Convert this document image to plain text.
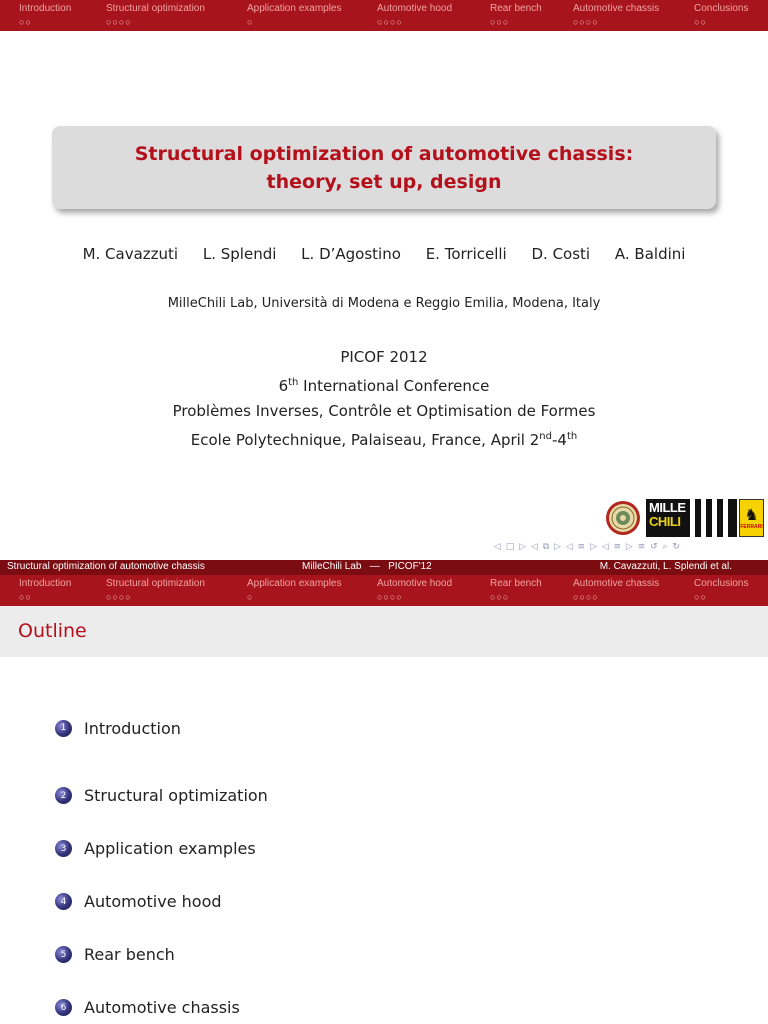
Introduction
○○
Structural optimization
○○○○
Application examples
○
Automotive hood
○○○○
Rear bench
○○○
Automotive chassis
○○○○
Conclusions
○○
Structural optimization of automotive chassis:
theory, set up, design
M. Cavazzuti L. Splendi L. D’Agostino E. Torricelli D. Costi A. Baldini
MilleChili Lab, Università di Modena e Reggio Emilia, Modena, Italy
PICOF 2012
6th International Conference
Problèmes Inverses, Contrôle et Optimisation de Formes
Ecole Polytechnique, Palaiseau, France, April 2nd-4th
MILLE
CHILI	♞
FERRARI
◁ □ ▷ ◁ ⧉ ▷ ◁ ≡ ▷ ◁ ≡ ▷ ≡ ↺ ⌕ ↻
Structural optimization of automotive chassis	MilleChili Lab   —   PICOF'12	M. Cavazzuti, L. Splendi et al.
Introduction
○○
Structural optimization
○○○○
Application examples
○
Automotive hood
○○○○
Rear bench
○○○
Automotive chassis
○○○○
Conclusions
○○
Outline
1	Introduction
2	Structural optimization
3	Application examples
4	Automotive hood
5	Rear bench
6	Automotive chassis
